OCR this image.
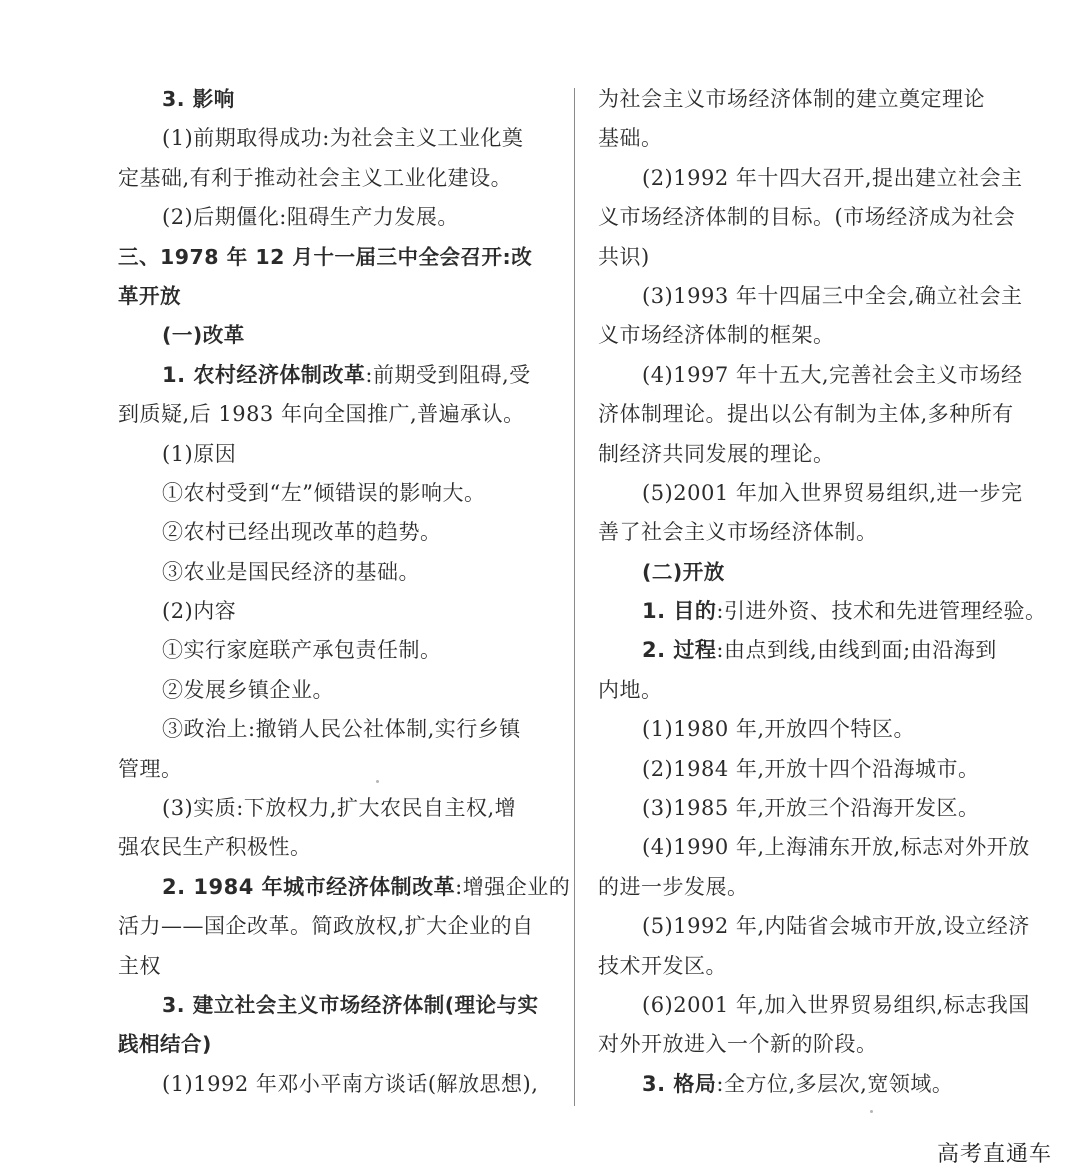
3. 影响
(1)前期取得成功:为社会主义工业化奠
定基础,有利于推动社会主义工业化建设。
(2)后期僵化:阻碍生产力发展。
三、1978 年 12 月十一届三中全会召开:改
革开放
(一)改革
1. 农村经济体制改革:前期受到阻碍,受
到质疑,后 1983 年向全国推广,普遍承认。
(1)原因
①农村受到“左”倾错误的影响大。
②农村已经出现改革的趋势。
③农业是国民经济的基础。
(2)内容
①实行家庭联产承包责任制。
②发展乡镇企业。
③政治上:撤销人民公社体制,实行乡镇
管理。
(3)实质:下放权力,扩大农民自主权,增
强农民生产积极性。
2. 1984 年城市经济体制改革:增强企业的
活力——国企改革。简政放权,扩大企业的自
主权
3. 建立社会主义市场经济体制(理论与实
践相结合)
(1)1992 年邓小平南方谈话(解放思想),
为社会主义市场经济体制的建立奠定理论
基础。
(2)1992 年十四大召开,提出建立社会主
义市场经济体制的目标。(市场经济成为社会
共识)
(3)1993 年十四届三中全会,确立社会主
义市场经济体制的框架。
(4)1997 年十五大,完善社会主义市场经
济体制理论。提出以公有制为主体,多种所有
制经济共同发展的理论。
(5)2001 年加入世界贸易组织,进一步完
善了社会主义市场经济体制。
(二)开放
1. 目的:引进外资、技术和先进管理经验。
2. 过程:由点到线,由线到面;由沿海到
内地。
(1)1980 年,开放四个特区。
(2)1984 年,开放十四个沿海城市。
(3)1985 年,开放三个沿海开发区。
(4)1990 年,上海浦东开放,标志对外开放
的进一步发展。
(5)1992 年,内陆省会城市开放,设立经济
技术开发区。
(6)2001 年,加入世界贸易组织,标志我国
对外开放进入一个新的阶段。
3. 格局:全方位,多层次,宽领域。
高考直通车
